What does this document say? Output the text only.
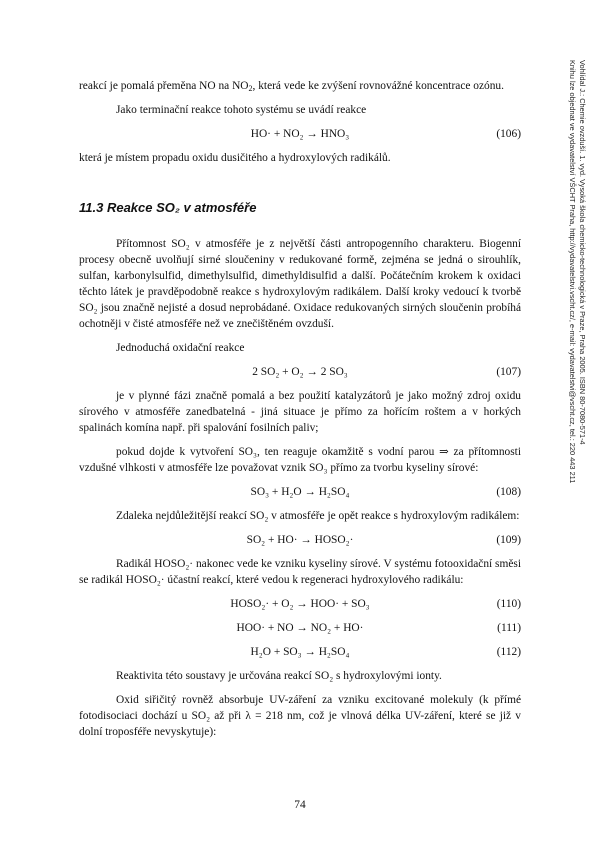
reakcí je pomalá přeměna NO na $NO_2$, která vede ke zvýšení rovnovážné koncentrace ozónu.

Jako terminační reakce tohoto systému se uvádí reakce

HO· + NO₂ → HNO₃	(106)

která je místem propadu oxidu dusičitého a hydroxylových radikálů.

11.3 Reakce SO₂ v atmosféře

Přítomnost SO₂ v atmosféře je z největší části antropogenního charakteru. Biogenní procesy obecně uvolňují sirné sloučeniny v redukované formě, zejména se jedná o sirouhlík, sulfan, karbonylsulfid, dimethylsulfid, dimethyldisulfid a další. Počátečním krokem k oxidaci těchto látek je pravděpodobně reakce s hydroxylovým radikálem. Další kroky vedoucí k tvorbě SO₂ jsou značně nejisté a dosud neprobádané. Oxidace redukovaných sirných sloučenin probíhá ochotněji v čisté atmosféře než ve znečištěném ovzduší.

Jednoduchá oxidační reakce

2 SO₂ + O₂ → 2 SO₃	(107)

je v plynné fázi značně pomalá a bez použití katalyzátorů je jako možný zdroj oxidu sírového v atmosféře zanedbatelná - jiná situace je přímo za hořícím roštem a v horkých spalinách komína např. při spalování fosilních paliv;

pokud dojde k vytvoření SO₃, ten reaguje okamžitě s vodní parou ⇒ za přítomnosti vzdušné vlhkosti v atmosféře lze považovat vznik SO₃ přímo za tvorbu kyseliny sírové:

SO₃ + H₂O → H₂SO₄	(108)

Zdaleka nejdůležitější reakcí SO₂ v atmosféře je opět reakce s hydroxylovým radikálem:

SO₂ + HO· → HOSO₂·	(109)

Radikál HOSO₂· nakonec vede ke vzniku kyseliny sírové. V systému fotooxidační směsi se radikál HOSO₂· účastní reakcí, které vedou k regeneraci hydroxylového radikálu:

HOSO₂· + O₂ → HOO· + SO₃	(110)
HOO· + NO → NO₂ + HO·	(111)
H₂O + SO₃ → H₂SO₄	(112)

Reaktivita této soustavy je určována reakcí SO₂ s hydroxylovými ionty.

Oxid siřičitý rovněž absorbuje UV-záření za vzniku excitované molekuly (k přímé fotodisociaci dochází u SO₂ až při λ = 218 nm, což je vlnová délka UV-záření, které se již v dolní troposféře nevyskytuje):

Vohlídal J.: Chemie ovzduší. 1. vyd. Vysoká škola chemicko-technologická v Praze, Praha 2005. ISBN 80-7080-571-4
Knihu lze objednat ve vydavatelství VŠCHT Praha, http://vydavatelstvi.vscht.cz/, e-mail: vydavatelstvi@vscht.cz, tel.: 220 443 211
74
